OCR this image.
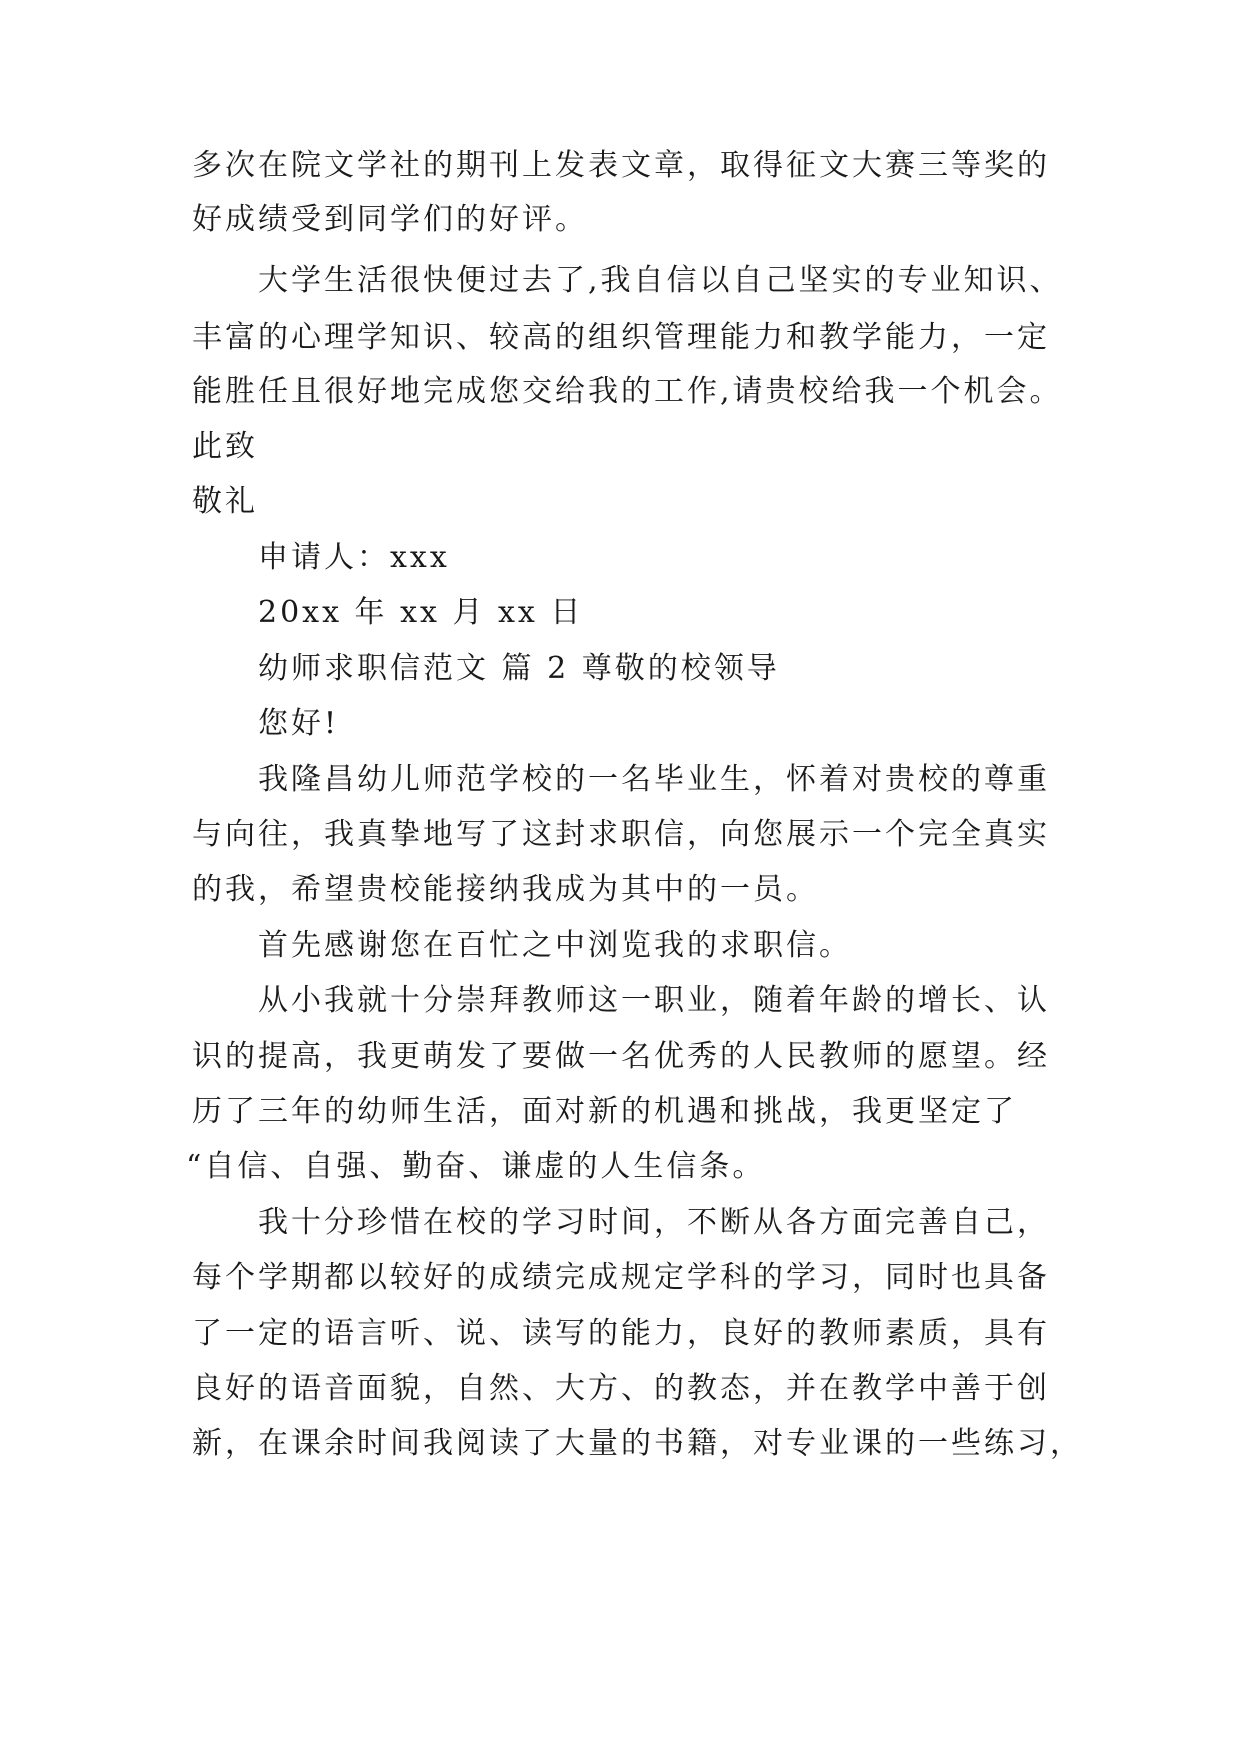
多次在院文学社的期刊上发表文章，取得征文大赛三等奖的
好成绩受到同学们的好评。
大学生活很快便过去了,我自信以自己坚实的专业知识、
丰富的心理学知识、较高的组织管理能力和教学能力，一定
能胜任且很好地完成您交给我的工作,请贵校给我一个机会。
此致
敬礼
申请人：xxx
20xx 年 xx 月 xx 日
幼师求职信范文 篇 2 尊敬的校领导
您好!
我隆昌幼儿师范学校的一名毕业生，怀着对贵校的尊重
与向往，我真挚地写了这封求职信，向您展示一个完全真实
的我，希望贵校能接纳我成为其中的一员。
首先感谢您在百忙之中浏览我的求职信。
从小我就十分崇拜教师这一职业，随着年龄的增长、认
识的提高，我更萌发了要做一名优秀的人民教师的愿望。经
历了三年的幼师生活，面对新的机遇和挑战，我更坚定了
“自信、自强、勤奋、谦虚的人生信条。
我十分珍惜在校的学习时间，不断从各方面完善自己，
每个学期都以较好的成绩完成规定学科的学习，同时也具备
了一定的语言听、说、读写的能力，良好的教师素质，具有
良好的语音面貌，自然、大方、的教态，并在教学中善于创
新，在课余时间我阅读了大量的书籍，对专业课的一些练习，
